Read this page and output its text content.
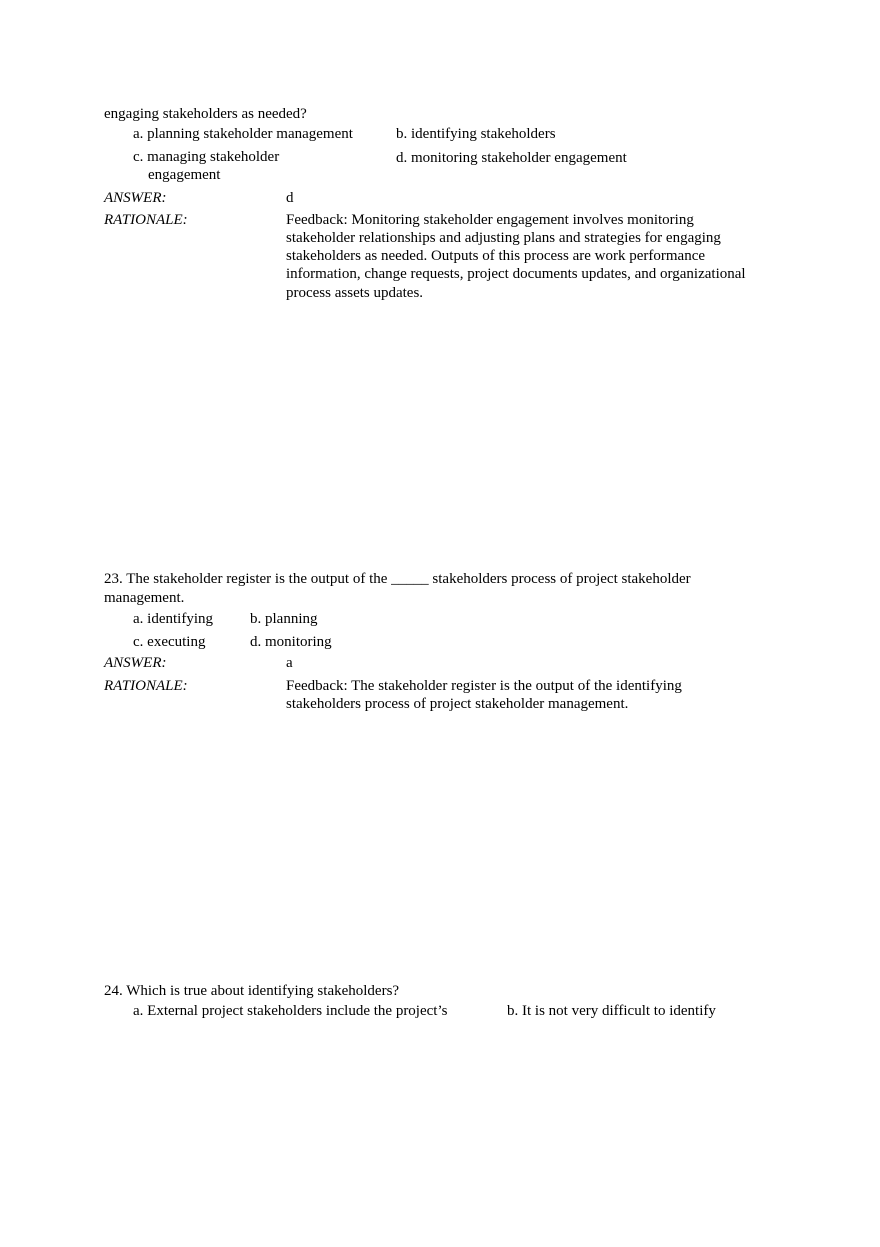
engaging stakeholders as needed?
a. planning stakeholder management	b. identifying stakeholders
c. managing stakeholder
engagement
d. monitoring stakeholder engagement
ANSWER:	d
RATIONALE:	Feedback: Monitoring stakeholder engagement involves monitoring
stakeholder relationships and adjusting plans and strategies for engaging
stakeholders as needed. Outputs of this process are work performance
information, change requests, project documents updates, and organizational
process assets updates.
23. The stakeholder register is the output of the _____ stakeholders process of project stakeholder
management.
a. identifying b. planning
c. executing	d. monitoring
ANSWER:	a
RATIONALE:	Feedback: The stakeholder register is the output of the identifying
stakeholders process of project stakeholder management.
24. Which is true about identifying stakeholders?
a. External project stakeholders include the project’s	b. It is not very difficult to identify
